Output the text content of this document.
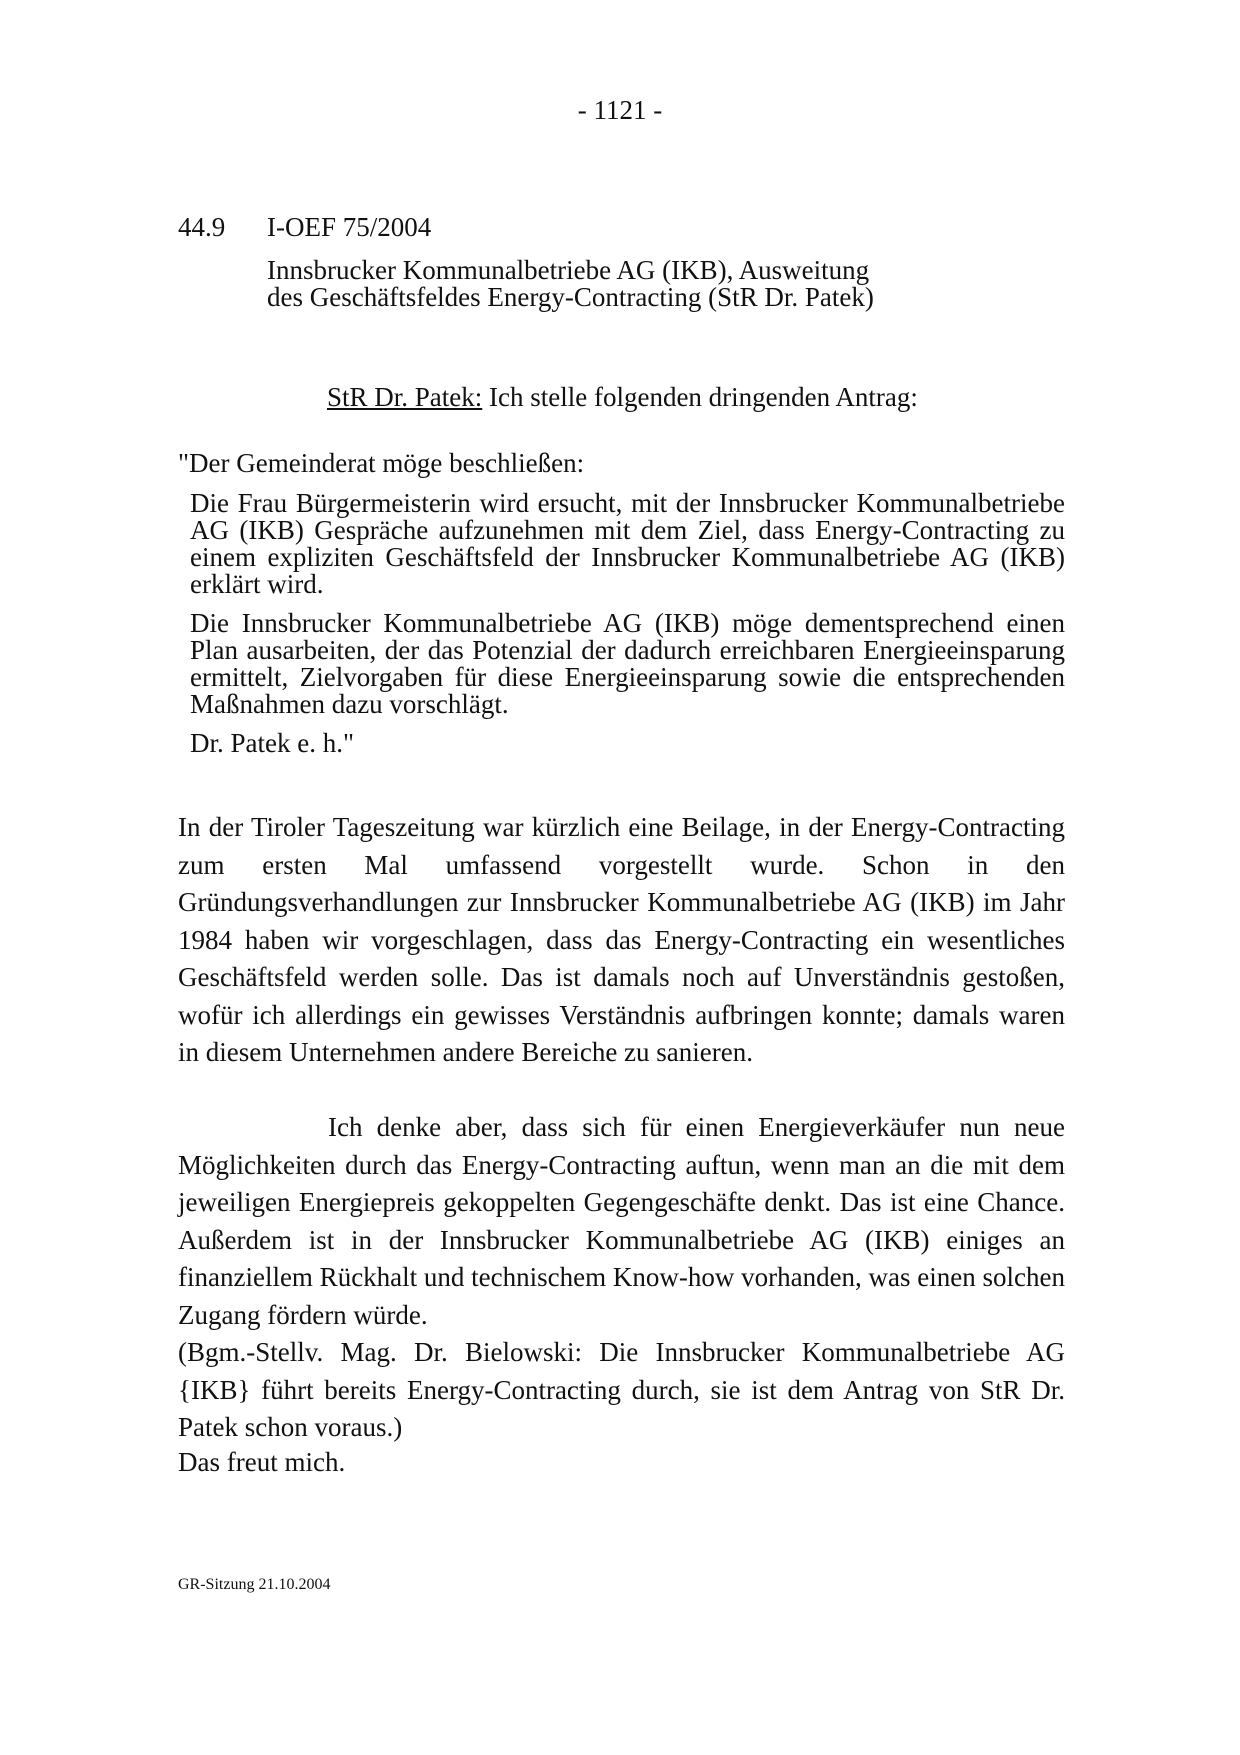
- 1121 -
44.9 I-OEF 75/2004
Innsbrucker Kommunalbetriebe AG (IKB), Ausweitung des Geschäftsfeldes Energy-Contracting (StR Dr. Patek)
StR Dr. Patek: Ich stelle folgenden dringenden Antrag:
"Der Gemeinderat möge beschließen:
Die Frau Bürgermeisterin wird ersucht, mit der Innsbrucker Kommunalbetriebe AG (IKB) Gespräche aufzunehmen mit dem Ziel, dass Energy-Contracting zu einem expliziten Geschäftsfeld der Innsbrucker Kommunalbetriebe AG (IKB) erklärt wird.
Die Innsbrucker Kommunalbetriebe AG (IKB) möge dementsprechend einen Plan ausarbeiten, der das Potenzial der dadurch erreichbaren Energieeinsparung ermittelt, Zielvorgaben für diese Energieeinsparung sowie die entsprechenden Maßnahmen dazu vorschlägt.
Dr. Patek e. h."
In der Tiroler Tageszeitung war kürzlich eine Beilage, in der Energy-Contracting zum ersten Mal umfassend vorgestellt wurde. Schon in den Gründungsverhandlungen zur Innsbrucker Kommunalbetriebe AG (IKB) im Jahr 1984 haben wir vorgeschlagen, dass das Energy-Contracting ein wesentliches Geschäftsfeld werden solle. Das ist damals noch auf Unverständnis gestoßen, wofür ich allerdings ein gewisses Verständnis aufbringen konnte; damals waren in diesem Unternehmen andere Bereiche zu sanieren.
Ich denke aber, dass sich für einen Energieverkäufer nun neue Möglichkeiten durch das Energy-Contracting auftun, wenn man an die mit dem jeweiligen Energiepreis gekoppelten Gegengeschäfte denkt. Das ist eine Chance. Außerdem ist in der Innsbrucker Kommunalbetriebe AG (IKB) einiges an finanziellem Rückhalt und technischem Know-how vorhanden, was einen solchen Zugang fördern würde.
(Bgm.-Stellv. Mag. Dr. Bielowski: Die Innsbrucker Kommunalbetriebe AG {IKB} führt bereits Energy-Contracting durch, sie ist dem Antrag von StR Dr. Patek schon voraus.)
Das freut mich.
GR-Sitzung 21.10.2004
